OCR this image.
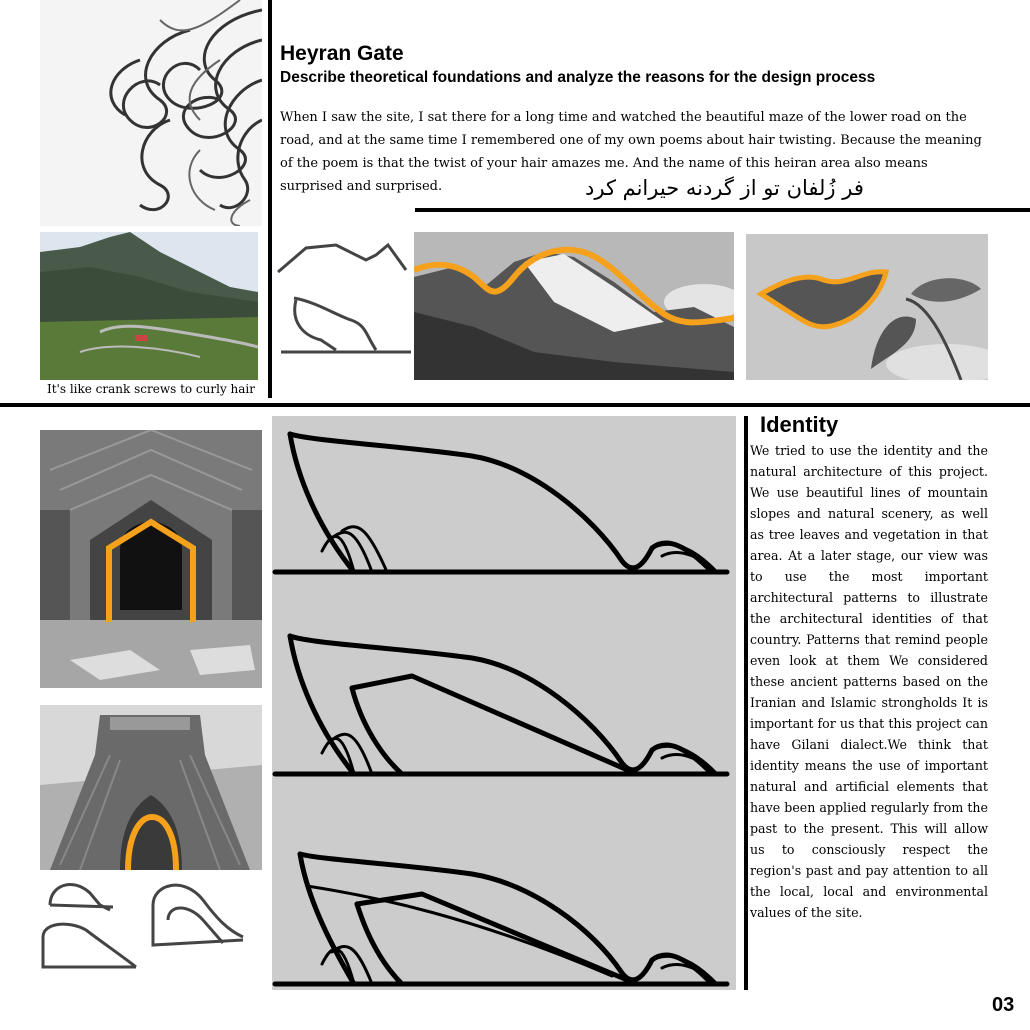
Heyran Gate
Describe theoretical foundations and analyze the reasons for the design process
When I saw the site, I sat there for a long time and watched the beautiful maze of the lower road on the road, and at the same time I remembered one of my own poems about hair twisting. Because the meaning of the poem is that the twist of your hair amazes me. And the name of this heiran area also means surprised and surprised.	فر زُلفان تو از گردنه حیرانم کرد
It's like crank screws to curly hair
Identity
We tried to use the identity and the natural architecture of this project. We use beautiful lines of mountain slopes and natural scenery, as well as tree leaves and vegetation in that area. At a later stage, our view was to use the most important architectural patterns to illustrate the architectural identities of that country. Patterns that remind people even look at them We considered these ancient patterns based on the Iranian and Islamic strongholds It is important for us that this project can have Gilani dialect.We think that identity means the use of important natural and artificial elements that have been applied regularly from the past to the present. This will allow us to consciously respect the region's past and pay attention to all the local, local and environmental values of the site.
03
